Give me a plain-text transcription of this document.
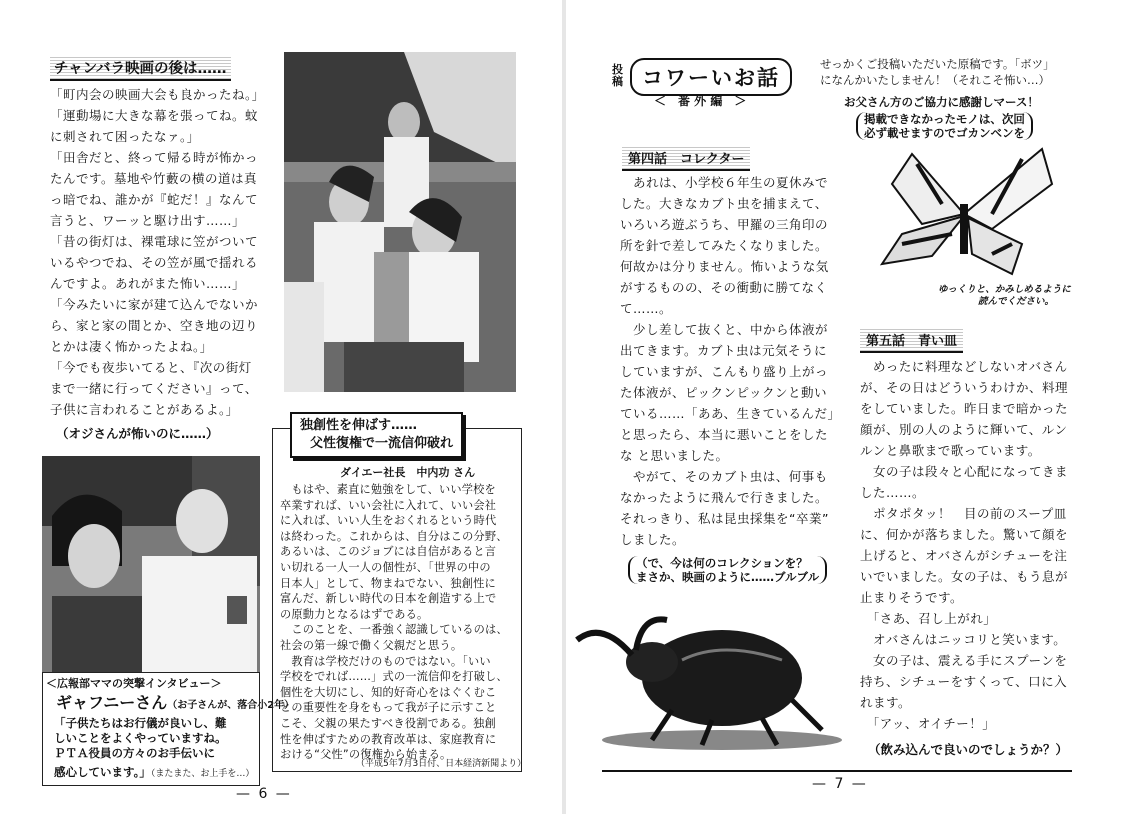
チャンバラ映画の後は……
「町内会の映画大会も良かったね。」
「運動場に大きな幕を張ってね。蚊
に刺されて困ったなァ。」
「田舎だと、終って帰る時が怖かっ
たんです。墓地や竹藪の横の道は真
っ暗でね、誰かが『蛇だ！』なんて
言うと、ワーッと駆け出す……」
「昔の街灯は、裸電球に笠がついて
いるやつでね、その笠が風で揺れる
んですよ。あれがまた怖い……」
「今みたいに家が建て込んでないか
ら、家と家の間とか、空き地の辺り
とかは凄く怖かったよね。」
「今でも夜歩いてると、『次の街灯
まで一緒に行ってください』って、
子供に言われることがあるよ。」
（オジさんが怖いのに……）
＜広報部ママの突撃インタビュー＞
ギャフニーさん（お子さんが、落合小2年）
「子供たちはお行儀が良いし、難
しいことをよくやっていますね。
ＰＴＡ役員の方々のお手伝いに
感心しています。」（またまた、お上手を…）
独創性を伸ばす……
父性復権で一流信仰破れ
ダイエー社長　中内功 さん
　もはや、素直に勉強をして、いい学校を
卒業すれば、いい会社に入れて、いい会社
に入れば、いい人生をおくれるという時代
は終わった。これからは、自分はこの分野、
あるいは、このジョブには自信があると言
い切れる一人一人の個性が、「世界の中の
日本人」として、物まねでない、独創性に
富んだ、新しい時代の日本を創造する上で
の原動力となるはずである。
　このことを、一番強く認識しているのは、
社会の第一線で働く父親だと思う。
　教育は学校だけのものではない。「いい
学校をでれば……」式の一流信仰を打破し、
個性を大切にし、知的好奇心をはぐくむこ
との重要性を身をもって我が子に示すこと
こそ、父親の果たすべき役割である。独創
性を伸ばすための教育改革は、家庭教育に
おける“父性”の復権から始まる。
（平成5年7月3日付、日本経済新聞より）
— 6 —
投稿 コワーいお話
＜　番 外 編　＞
せっかくご投稿いただいた原稿です。「ボツ」
になんかいたしません！（それこそ怖い…）
お父さん方のご協力に感謝しマース！
掲載できなかったモノは、次回
必ず載せますのでゴカンベンを
ゆっくりと、かみしめるように
読んでください。
第四話　コレクター
　あれは、小学校６年生の夏休みで
した。大きなカブト虫を捕まえて、
いろいろ遊ぶうち、甲羅の三角印の
所を針で差してみたくなりました。
何故かは分りません。怖いような気
がするものの、その衝動に勝てなく
て……。
　少し差して抜くと、中から体液が
出てきます。カブト虫は元気そうに
していますが、こんもり盛り上がっ
た体液が、ピックンピックンと動い
ている……「ああ、生きているんだ」
と思ったら、本当に悪いことをした
な と思いました。
　やがて、そのカブト虫は、何事も
なかったように飛んで行きました。
それっきり、私は昆虫採集を“卒業”
しました。
（で、今は何のコレクションを？
まさか、映画のように……ブルブル
第五話　青い皿
　めったに料理などしないオバさん
が、その日はどういうわけか、料理
をしていました。昨日まで暗かった
顔が、別の人のように輝いて、ルン
ルンと鼻歌まで歌っています。
　女の子は段々と心配になってきま
した……。
　ポタポタッ！　目の前のスープ皿
に、何かが落ちました。驚いて顔を
上げると、オバさんがシチューを注
いでいました。女の子は、もう息が
止まりそうです。
　「さあ、召し上がれ」
　オバさんはニッコリと笑います。
　女の子は、震える手にスプーンを
持ち、シチューをすくって、口に入
れます。
　「アッ、オイチー！」
（飲み込んで良いのでしょうか？）
— 7 —
